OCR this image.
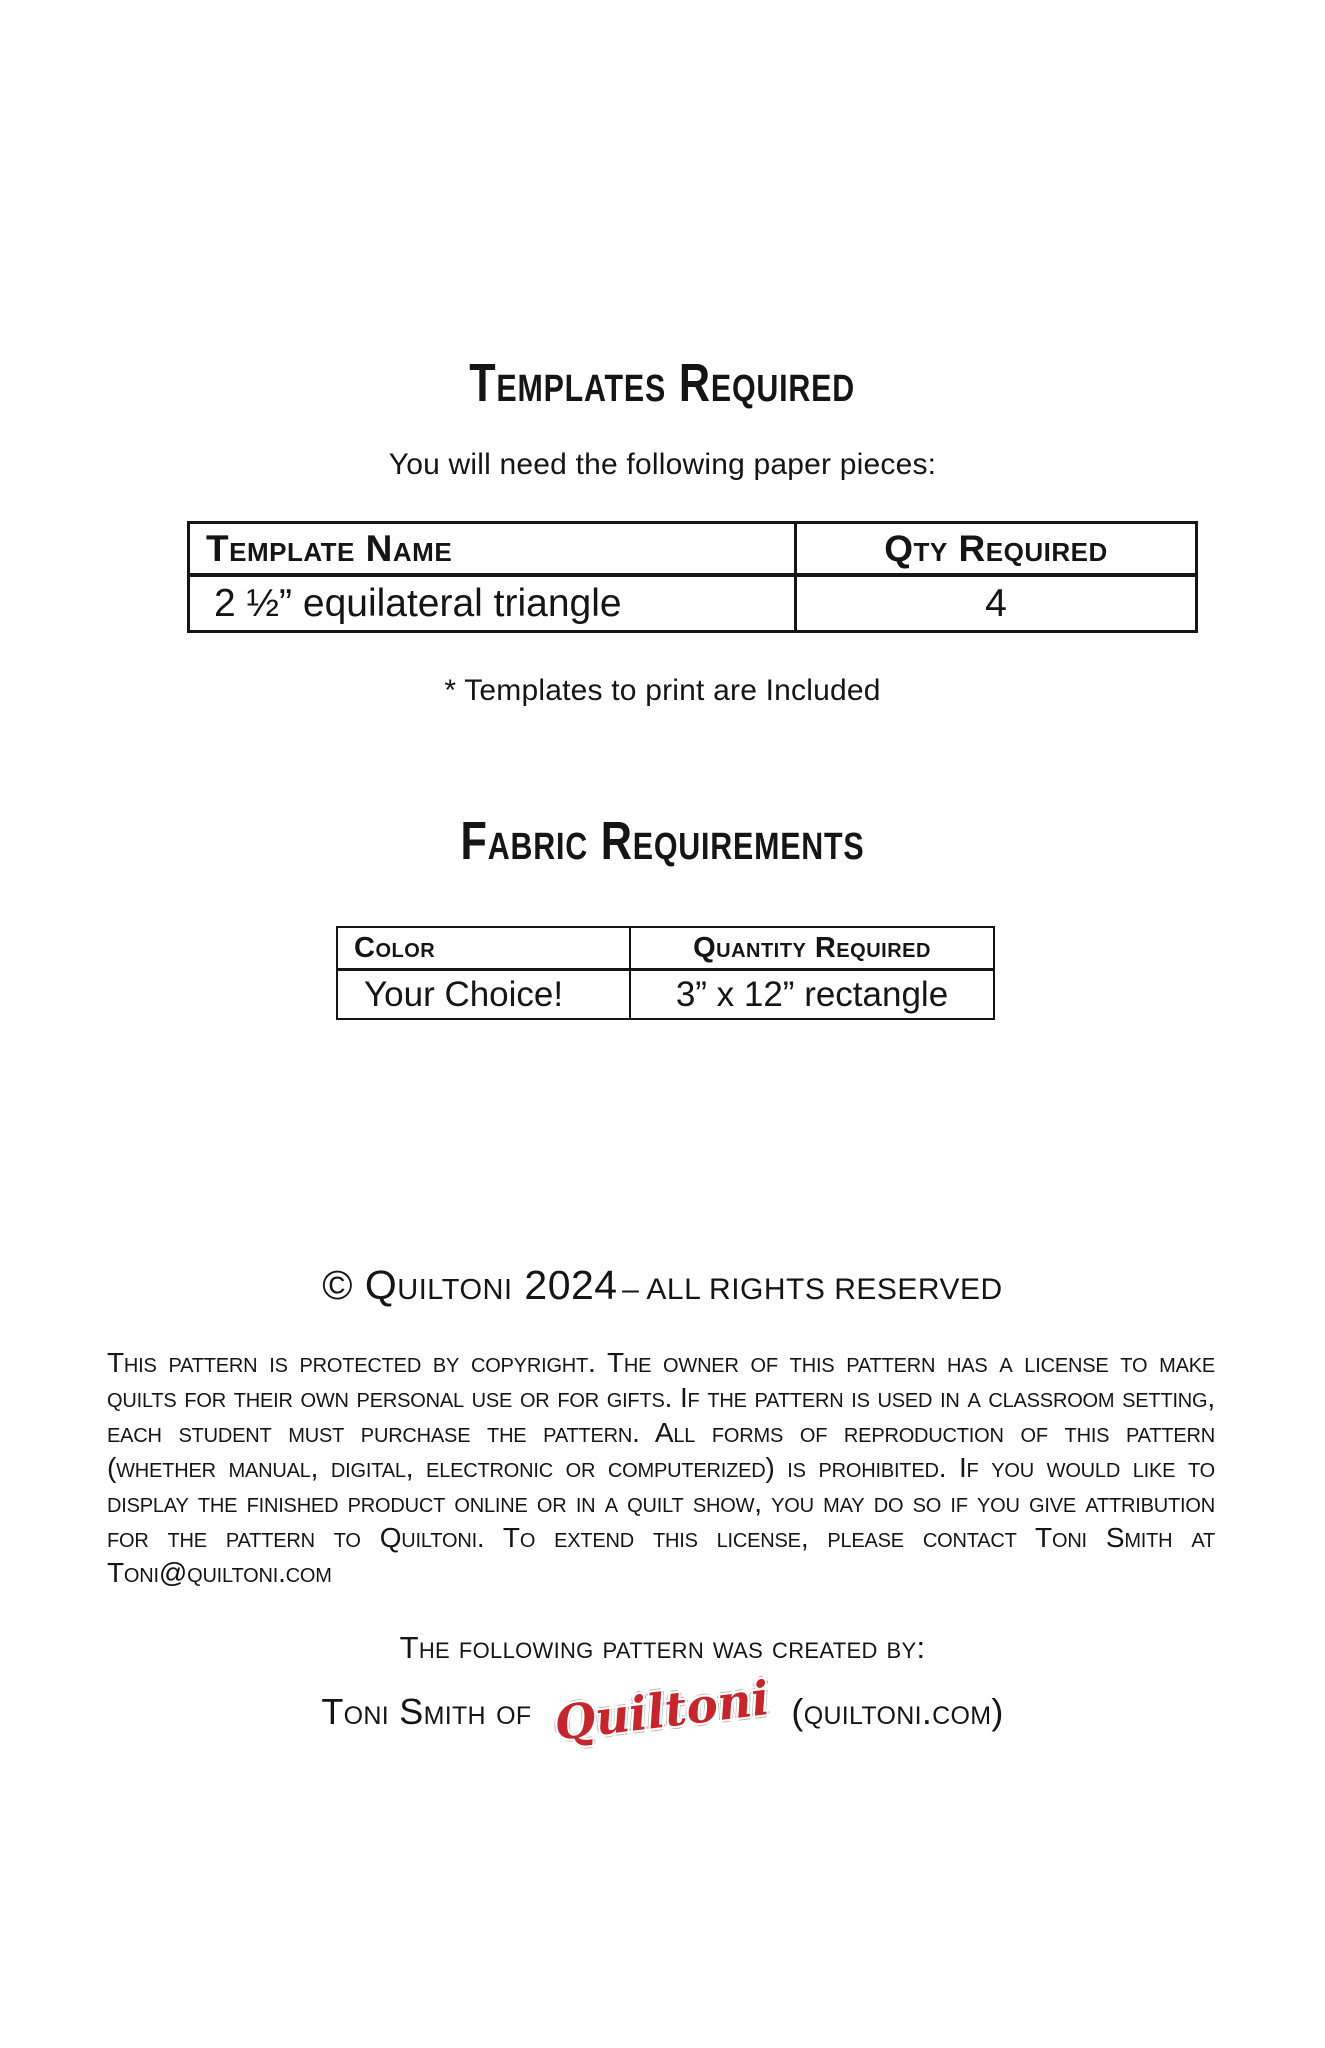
Templates Required
You will need the following paper pieces:
Template Name	Qty Required
2 ½” equilateral triangle	4
* Templates to print are Included
Fabric Requirements
Color	Quantity Required
Your Choice!	3” x 12” rectangle
© Quiltoni 2024 – ALL RIGHTS RESERVED
This pattern is protected by copyright. The owner of this pattern has a license to make quilts for their own personal use or for gifts. If the pattern is used in a classroom setting, each student must purchase the pattern. All forms of reproduction of this pattern (whether manual, digital, electronic or computerized) is prohibited. If you would like to display the finished product online or in a quilt show, you may do so if you give attribution for the pattern to Quiltoni. To extend this license, please contact Toni Smith at Toni@quiltoni.com
The following pattern was created by:
Toni Smith of Quiltoni (quiltoni.com)
